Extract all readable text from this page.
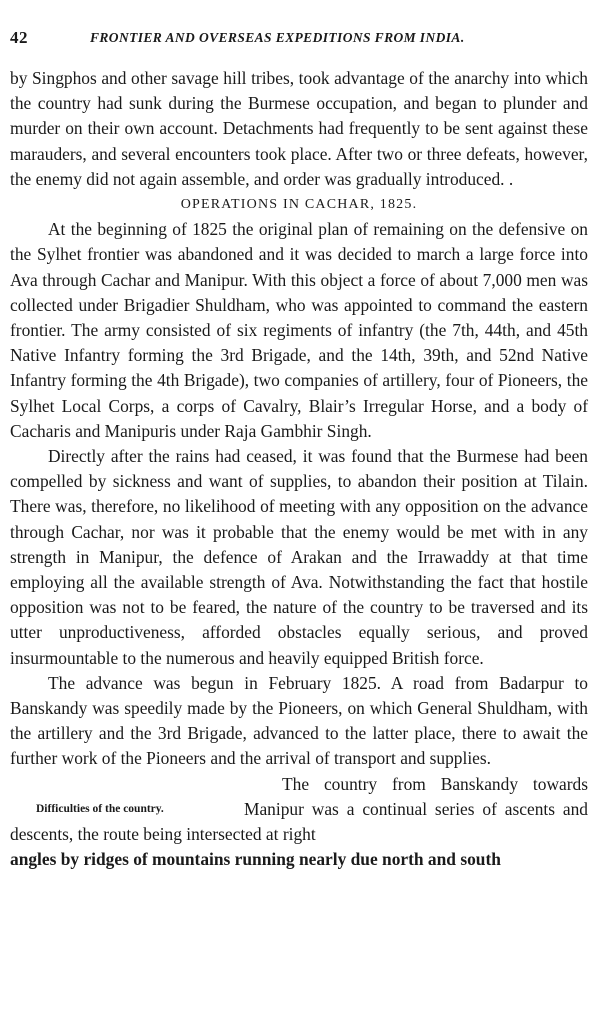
42	FRONTIER AND OVERSEAS EXPEDITIONS FROM INDIA.

by Singphos and other savage hill tribes, took advantage of the anarchy into which the country had sunk during the Burmese occupation, and began to plunder and murder on their own account. Detachments had frequently to be sent against these marauders, and several encounters took place. After two or three defeats, however, the enemy did not again assemble, and order was gradually introduced. .

OPERATIONS IN CACHAR, 1825.

At the beginning of 1825 the original plan of remaining on the defensive on the Sylhet frontier was abandoned and it was decided to march a large force into Ava through Cachar and Manipur. With this object a force of about 7,000 men was collected under Brigadier Shuldham, who was appointed to command the eastern frontier. The army consisted of six regiments of infantry (the 7th, 44th, and 45th Native Infantry forming the 3rd Brigade, and the 14th, 39th, and 52nd Native Infantry forming the 4th Brigade), two companies of artillery, four of Pioneers, the Sylhet Local Corps, a corps of Cavalry, Blair’s Irregular Horse, and a body of Cacharis and Manipuris under Raja Gambhir Singh.

Directly after the rains had ceased, it was found that the Burmese had been compelled by sickness and want of supplies, to abandon their position at Tilain. There was, therefore, no likelihood of meeting with any opposition on the advance through Cachar, nor was it probable that the enemy would be met with in any strength in Manipur, the defence of Arakan and the Irrawaddy at that time employing all the available strength of Ava. Notwithstanding the fact that hostile opposition was not to be feared, the nature of the country to be traversed and its utter unproductiveness, afforded obstacles equally serious, and proved insurmountable to the numerous and heavily equipped British force.

The advance was begun in February 1825. A road from Badarpur to Banskandy was speedily made by the Pioneers, on which General Shuldham, with the artillery and the 3rd Brigade, advanced to the latter place, there to await the further work of the Pioneers and the arrival of transport and supplies.

Difficulties of the country.

The country from Banskandy towards Manipur was a continual series of ascents and descents, the route being intersected at right

angles by ridges of mountains running nearly due north and south
